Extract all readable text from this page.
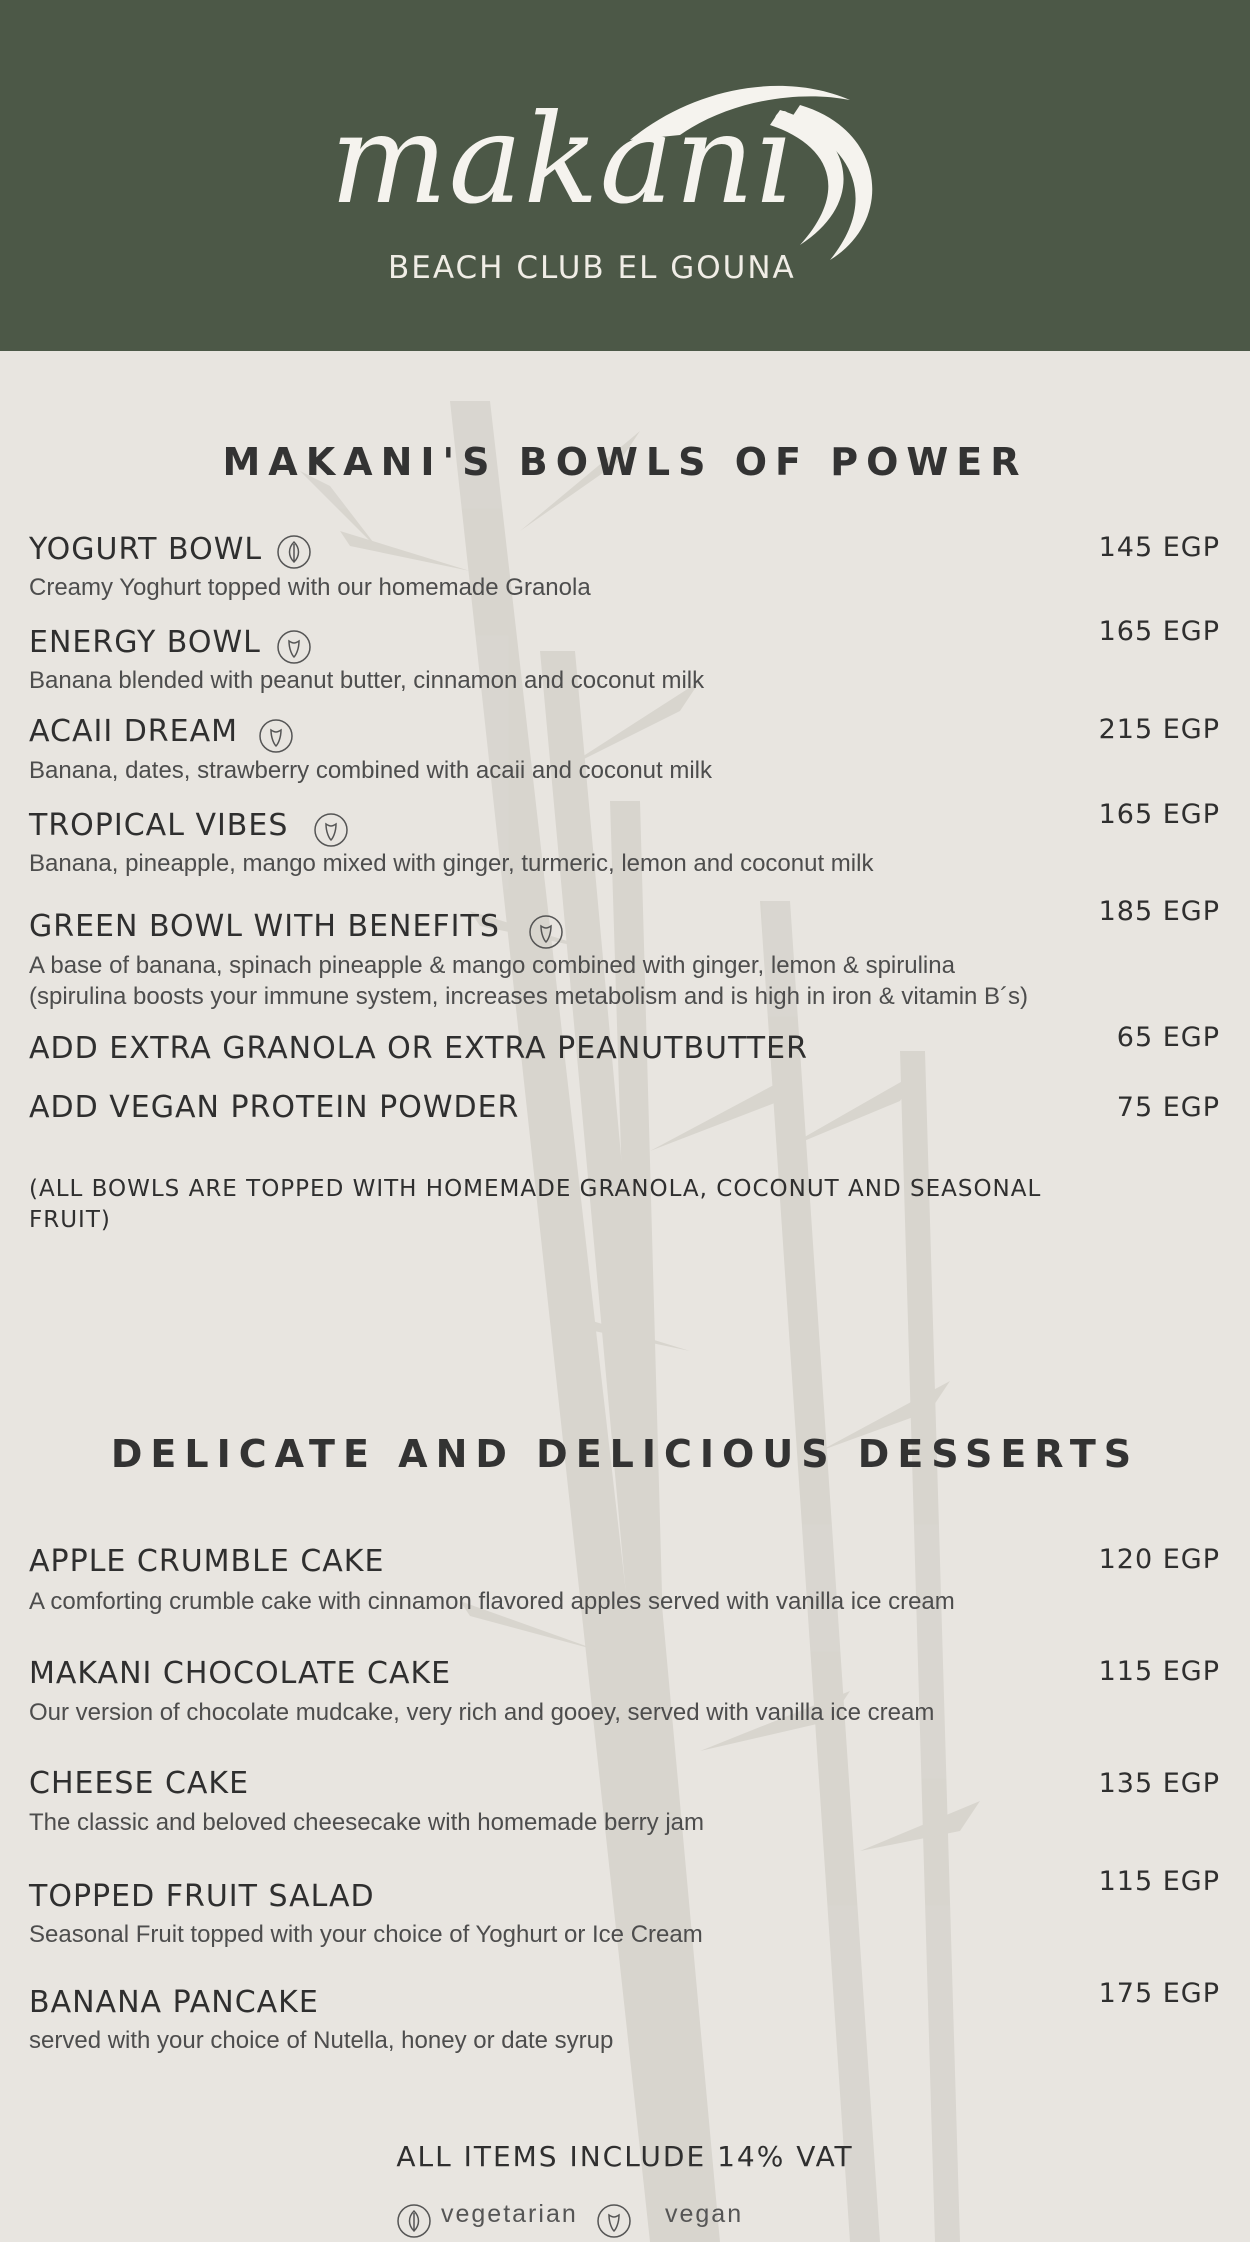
makani
BEACH CLUB EL GOUNA
MAKANI'S BOWLS OF POWER
YOGURT BOWL	145 EGP
Creamy Yoghurt topped with our homemade Granola
ENERGY BOWL	165 EGP
Banana blended with peanut butter, cinnamon and coconut milk
ACAII DREAM	215 EGP
Banana, dates, strawberry combined with acaii and coconut milk
TROPICAL VIBES	165 EGP
Banana, pineapple, mango mixed with ginger, turmeric, lemon and coconut milk
GREEN BOWL WITH BENEFITS	185 EGP
A base of banana, spinach pineapple & mango combined with ginger, lemon & spirulina
(spirulina boosts your immune system, increases metabolism and is high in iron & vitamin B´s)
ADD EXTRA GRANOLA OR EXTRA PEANUTBUTTER	65 EGP
ADD VEGAN PROTEIN POWDER	75 EGP
(ALL BOWLS ARE TOPPED WITH HOMEMADE GRANOLA, COCONUT AND SEASONAL FRUIT)
DELICATE AND DELICIOUS DESSERTS
APPLE CRUMBLE CAKE	120 EGP
A comforting crumble cake with cinnamon flavored apples served with vanilla ice cream
MAKANI CHOCOLATE CAKE	115 EGP
Our version of chocolate mudcake, very rich and gooey, served with vanilla ice cream
CHEESE CAKE	135 EGP
The classic and beloved cheesecake with homemade berry jam
TOPPED FRUIT SALAD	115 EGP
Seasonal Fruit topped with your choice of Yoghurt or Ice Cream
BANANA PANCAKE	175 EGP
served with your choice of Nutella, honey or date syrup
ALL ITEMS INCLUDE 14% VAT
vegetarian	vegan
